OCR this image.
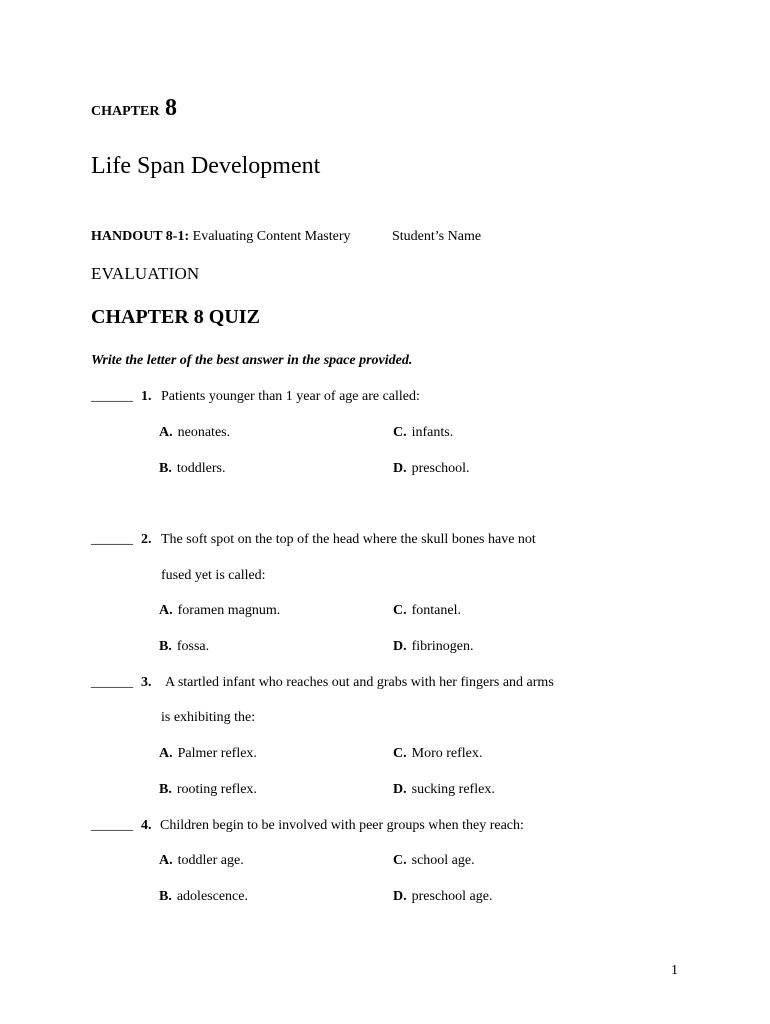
CHAPTER 8
Life Span Development
HANDOUT 8-1: Evaluating Content Mastery	Student’s Name
EVALUATION
CHAPTER 8 QUIZ
Write the letter of the best answer in the space provided.
______ 1. Patients younger than 1 year of age are called:
A. neonates.	C. infants.
B. toddlers.	D. preschool.
______ 2. The soft spot on the top of the head where the skull bones have not
fused yet is called:
A. foramen magnum.	C. fontanel.
B. fossa.	D. fibrinogen.
______ 3. A startled infant who reaches out and grabs with her fingers and arms
is exhibiting the:
A. Palmer reflex.	C. Moro reflex.
B. rooting reflex.	D. sucking reflex.
______ 4. Children begin to be involved with peer groups when they reach:
A. toddler age.	C. school age.
B. adolescence.	D. preschool age.
1
